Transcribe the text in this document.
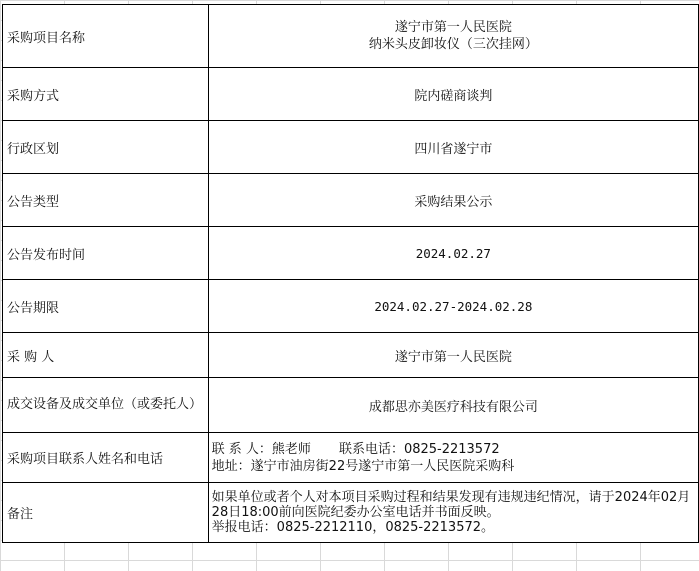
采购项目名称	遂宁市第一人民医院
纳米头皮卸妆仪（三次挂网）

采购方式	院内磋商谈判
行政区划	四川省遂宁市
公告类型	采购结果公示
公告发布时间	2024.02.27
公告期限	2024.02.27-2024.02.28
采 购 人	遂宁市第一人民医院

成交设备及成交单位（或委托人）	成都思亦美医疗科技有限公司
采购项目联系人姓名和电话	联 系 人：熊老师 联系电话：0825-2213572
地址：遂宁市油房街22号遂宁市第一人民医院采购科

备注	如果单位或者个人对本项目采购过程和结果发现有违规违纪情况，请于2024年02月28日18:00前向医院纪委办公室电话并书面反映。
举报电话：0825-2212110，0825-2213572。
